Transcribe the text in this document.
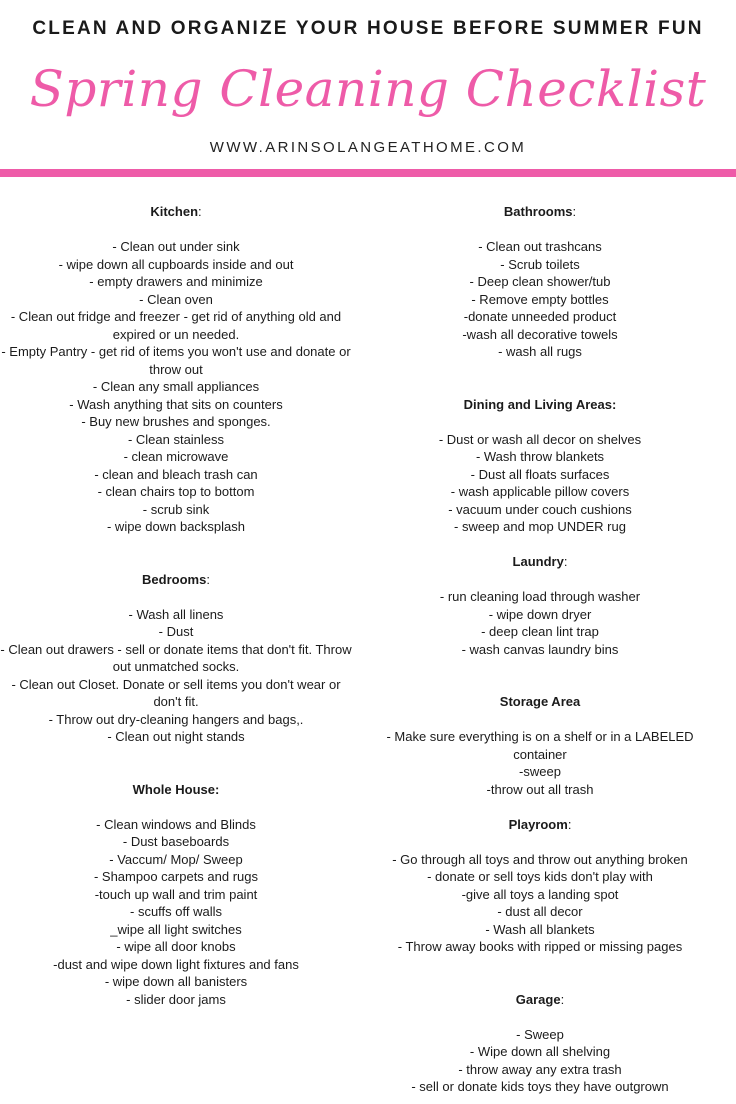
CLEAN AND ORGANIZE YOUR HOUSE BEFORE SUMMER FUN
Spring Cleaning Checklist
WWW.ARINSOLANGEATHOME.COM
Kitchen:
- Clean out under sink
- wipe down all cupboards inside and out
- empty drawers and minimize
- Clean oven
- Clean out fridge and freezer - get rid of anything old and expired or un needed.
- Empty Pantry - get rid of items you won't use and donate or throw out
- Clean any small appliances
- Wash anything that sits on counters
- Buy new brushes and sponges.
- Clean stainless
- clean microwave
- clean and bleach trash can
- clean chairs top to bottom
- scrub sink
- wipe down backsplash
Bedrooms:
- Wash all linens
- Dust
- Clean out drawers - sell or donate items that don't fit. Throw out unmatched socks.
- Clean out Closet. Donate or sell items you don't wear or don't fit.
- Throw out dry-cleaning hangers and bags,.
- Clean out night stands
Whole House:
- Clean windows and Blinds
- Dust baseboards
- Vaccum/ Mop/ Sweep
- Shampoo carpets and rugs
-touch up wall and trim paint
- scuffs off walls
_wipe all light switches
- wipe all door knobs
-dust and wipe down light fixtures and fans
- wipe down all banisters
- slider door jams
Bathrooms:
- Clean out trashcans
- Scrub toilets
- Deep clean shower/tub
- Remove empty bottles
-donate unneeded product
-wash all decorative towels
- wash all rugs
Dining and Living Areas:
- Dust or wash all decor on shelves
- Wash throw blankets
- Dust all floats surfaces
- wash applicable pillow covers
- vacuum under couch cushions
- sweep and mop UNDER rug
Laundry:
- run cleaning load through washer
- wipe down dryer
- deep clean lint trap
- wash canvas laundry bins
Storage Area
- Make sure everything is on a shelf or in a LABELED container
-sweep
-throw out all trash
Playroom:
- Go through all toys and throw out anything broken
- donate or sell toys kids don't play with
-give all toys a landing spot
- dust all decor
- Wash all blankets
- Throw away books with ripped or missing pages
Garage:
- Sweep
- Wipe down all shelving
- throw away any extra trash
- sell or donate kids toys they have outgrown
